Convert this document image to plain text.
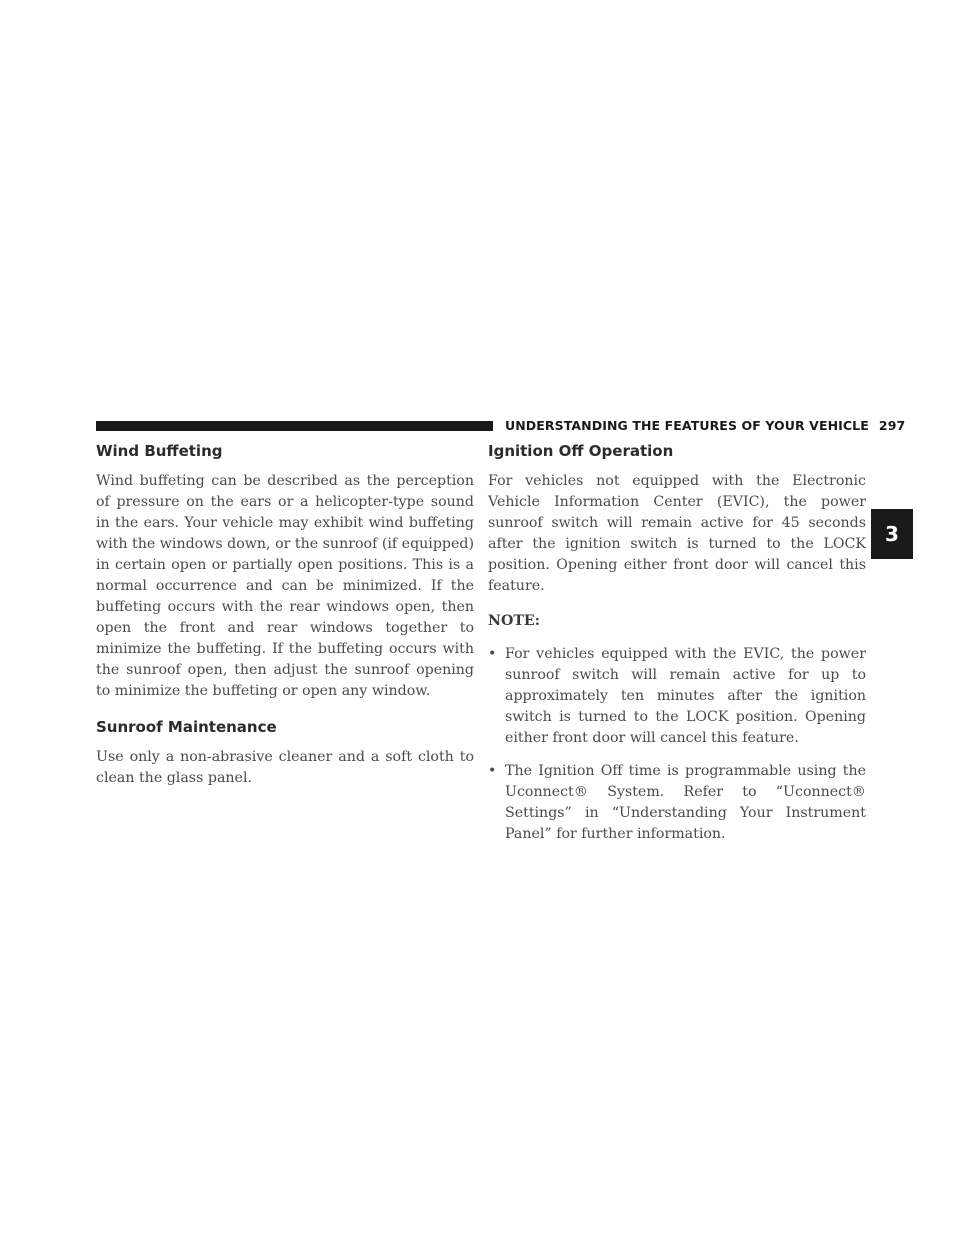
UNDERSTANDING THE FEATURES OF YOUR VEHICLE 297
3
Wind Buffeting

Wind buffeting can be described as the perception of pressure on the ears or a helicopter-type sound in the ears. Your vehicle may exhibit wind buffeting with the windows down, or the sunroof (if equipped) in certain open or partially open positions. This is a normal occurrence and can be minimized. If the buffeting occurs with the rear windows open, then open the front and rear windows together to minimize the buffeting. If the buffeting occurs with the sunroof open, then adjust the sunroof opening to minimize the buffeting or open any window.

Sunroof Maintenance

Use only a non-abrasive cleaner and a soft cloth to clean the glass panel.

Ignition Off Operation

For vehicles not equipped with the Electronic Vehicle Information Center (EVIC), the power sunroof switch will remain active for 45 seconds after the ignition switch is turned to the LOCK position. Opening either front door will cancel this feature.

NOTE:
• For vehicles equipped with the EVIC, the power sunroof switch will remain active for up to approximately ten minutes after the ignition switch is turned to the LOCK position. Opening either front door will cancel this feature.
• The Ignition Off time is programmable using the Uconnect® System. Refer to “Uconnect® Settings” in “Understanding Your Instrument Panel” for further information.
